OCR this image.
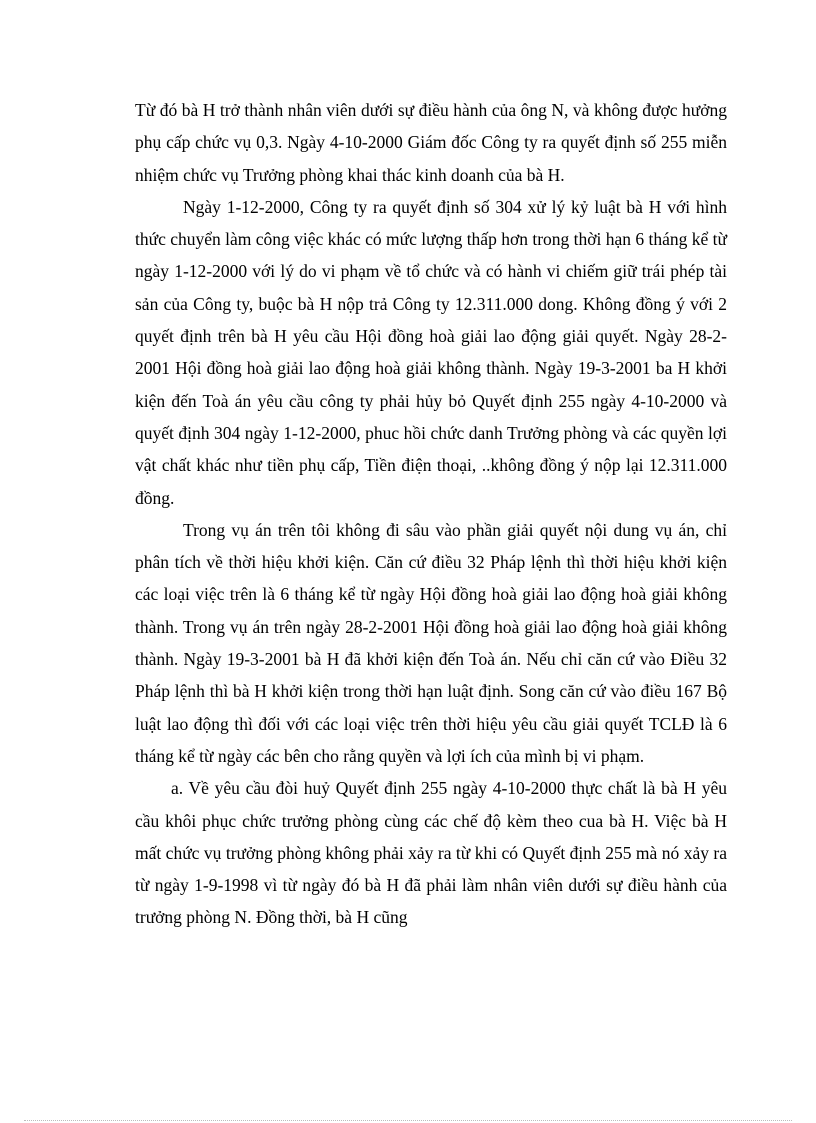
Từ đó bà H trở thành nhân viên dưới sự điều hành của ông N, và không được hưởng phụ cấp chức vụ 0,3. Ngày 4-10-2000 Giám đốc Công ty ra quyết định số 255 miễn nhiệm chức vụ Trưởng phòng khai thác kinh doanh của bà H.

Ngày 1-12-2000, Công ty ra quyết định số 304 xử lý kỷ luật bà H với hình thức chuyển làm công việc khác có mức lượng thấp hơn trong thời hạn 6 tháng kể từ ngày 1-12-2000 với lý do vi phạm về tổ chức và có hành vi chiếm giữ trái phép tài sản của Công ty, buộc bà H nộp trả Công ty 12.311.000 dong. Không đồng ý với 2 quyết định trên bà H yêu cầu Hội đồng hoà giải lao động giải quyết. Ngày 28-2-2001 Hội đồng hoà giải lao động hoà giải không thành. Ngày 19-3-2001 ba H khởi kiện đến Toà án yêu cầu công ty phải hủy bỏ Quyết định 255 ngày 4-10-2000 và quyết định 304 ngày 1-12-2000, phuc hồi chức danh Trưởng phòng và các quyền lợi vật chất khác như tiền phụ cấp, Tiền điện thoại, ..không đồng ý nộp lại 12.311.000 đồng.

Trong vụ án trên tôi không đi sâu vào phần giải quyết nội dung vụ án, chỉ phân tích về thời hiệu khởi kiện. Căn cứ điều 32 Pháp lệnh thì thời hiệu khởi kiện các loại việc trên là 6 tháng kể từ ngày Hội đồng hoà giải lao động hoà giải không thành. Trong vụ án trên ngày 28-2-2001 Hội đồng hoà giải lao động hoà giải không thành. Ngày 19-3-2001 bà H đã khởi kiện đến Toà án. Nếu chỉ căn cứ vào Điều 32 Pháp lệnh thì bà H khởi kiện trong thời hạn luật định. Song căn cứ vào điều 167 Bộ luật lao động thì đối với các loại việc trên thời hiệu yêu cầu giải quyết TCLĐ là 6 tháng kể từ ngày các bên cho rằng quyền và lợi ích của mình bị vi phạm.

a. Về yêu cầu đòi huỷ Quyết định 255 ngày 4-10-2000 thực chất là bà H yêu cầu khôi phục chức trưởng phòng cùng các chế độ kèm theo cua bà H. Việc bà H mất chức vụ trưởng phòng không phải xảy ra từ khi có Quyết định 255 mà nó xảy ra từ ngày 1-9-1998 vì từ ngày đó bà H đã phải làm nhân viên dưới sự điều hành của trưởng phòng N. Đồng thời, bà H cũng
